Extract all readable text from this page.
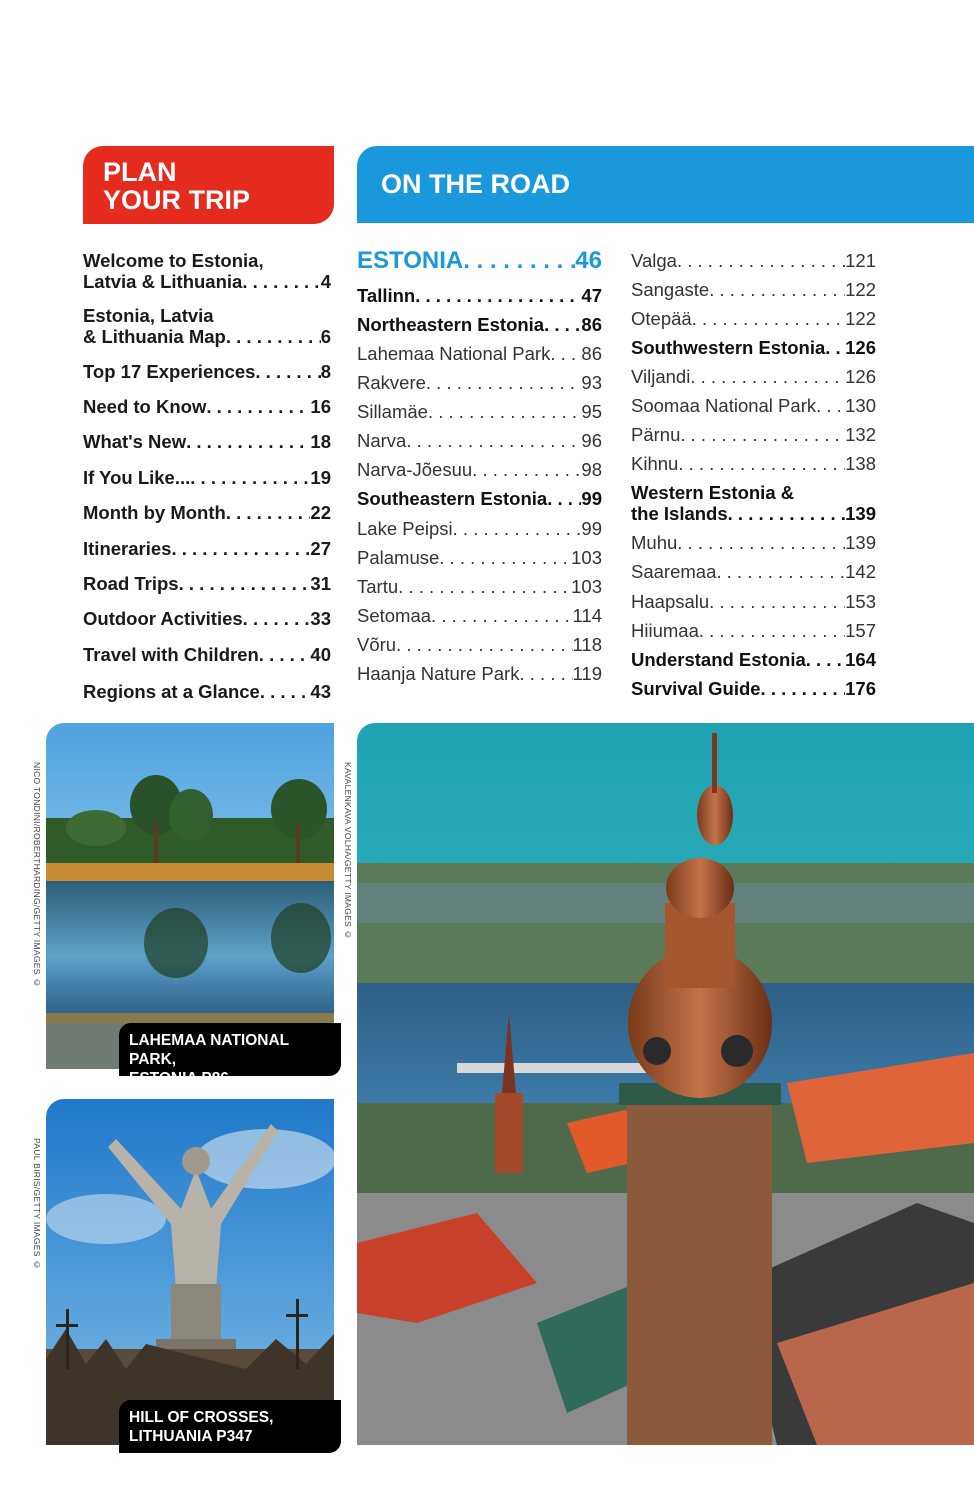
PLAN
YOUR TRIP
ON THE ROAD
Welcome to Estonia,
Latvia & Lithuania . . .	4
Estonia, Latvia
& Lithuania Map . . .	6
Top 17 Experiences . . .	8
Need to Know . . .	16
What's New . . .	18
If You Like... . . .	19
Month by Month . . .	22
Itineraries . . .	27
Road Trips . . .	31
Outdoor Activities . . .	33
Travel with Children . . .	40
Regions at a Glance . . .	43
ESTONIA . . .	46
Tallinn . . .	47
Northeastern Estonia . . . 86
Lahemaa National Park . . . 86
Rakvere . . .	93
Sillamäe . . .	95
Narva . . .	96
Narva-Jõesuu . . .	98
Southeastern Estonia . . . 99
Lake Peipsi . . .	99
Palamuse . . .	103
Tartu . . .	103
Setomaa . . .	114
Võru . . .	118
Haanja Nature Park . . .	119
Valga . . .	121
Sangaste . . .	122
Otepää . . .	122
Southwestern Estonia . . . 126
Viljandi . . .	126
Soomaa National Park . . . 130
Pärnu . . .	132
Kihnu . . .	138
Western Estonia &
the Islands . . .	139
Muhu . . .	139
Saaremaa . . .	142
Haapsalu . . .	153
Hiiumaa . . .	157
Understand Estonia . . . 164
Survival Guide . . .	176
LAHEMAA NATIONAL PARK,
ESTONIA P86
HILL OF CROSSES,
LITHUANIA P347
NICO TONDINI/ROBERTHARDING/GETTY IMAGES ©
PAUL BIRIS/GETTY IMAGES ©
KAVALENKAVA VOLHA/GETTY IMAGES ©
